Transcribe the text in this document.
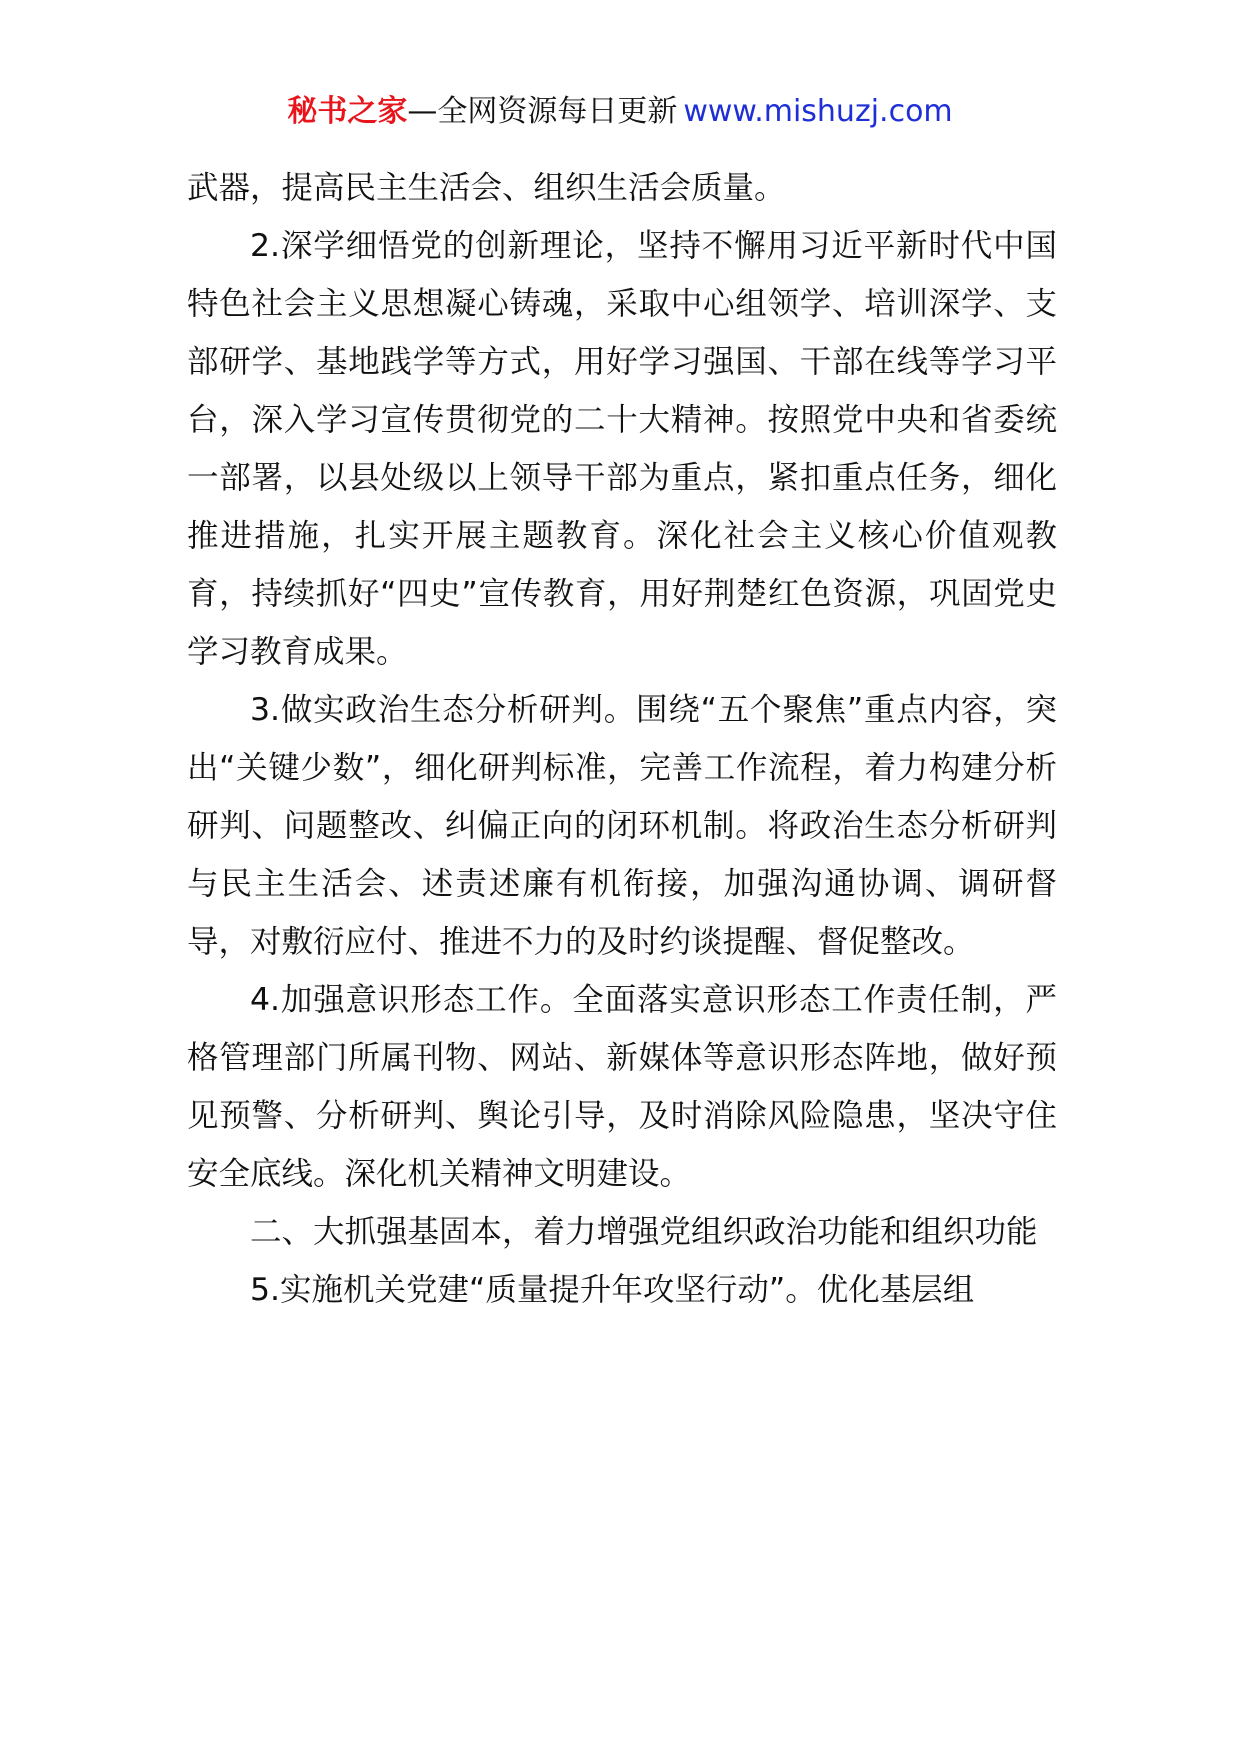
秘书之家—全网资源每日更新 www.mishuzj.com

武器，提高民主生活会、组织生活会质量。

2.深学细悟党的创新理论，坚持不懈用习近平新时代中国特色社会主义思想凝心铸魂，采取中心组领学、培训深学、支部研学、基地践学等方式，用好学习强国、干部在线等学习平台，深入学习宣传贯彻党的二十大精神。按照党中央和省委统一部署，以县处级以上领导干部为重点，紧扣重点任务，细化推进措施，扎实开展主题教育。深化社会主义核心价值观教育，持续抓好“四史”宣传教育，用好荆楚红色资源，巩固党史学习教育成果。

3.做实政治生态分析研判。围绕“五个聚焦”重点内容，突出“关键少数”，细化研判标准，完善工作流程，着力构建分析研判、问题整改、纠偏正向的闭环机制。将政治生态分析研判与民主生活会、述责述廉有机衔接，加强沟通协调、调研督导，对敷衍应付、推进不力的及时约谈提醒、督促整改。

4.加强意识形态工作。全面落实意识形态工作责任制，严格管理部门所属刊物、网站、新媒体等意识形态阵地，做好预见预警、分析研判、舆论引导，及时消除风险隐患，坚决守住安全底线。深化机关精神文明建设。

二、大抓强基固本，着力增强党组织政治功能和组织功能

5.实施机关党建“质量提升年攻坚行动”。优化基层组
